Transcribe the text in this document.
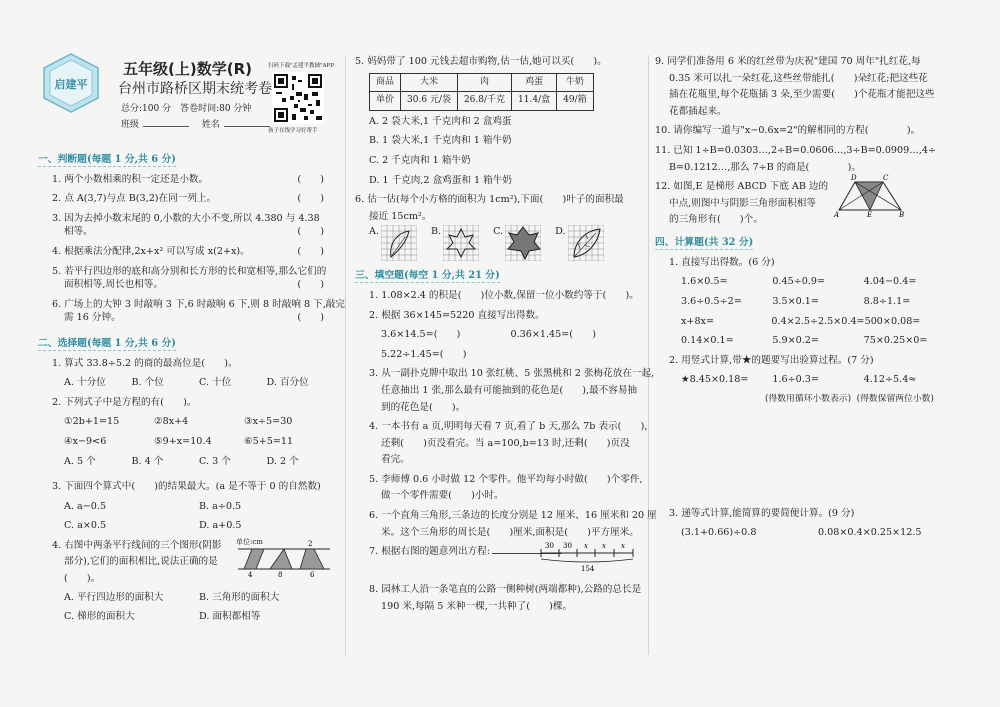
启建平
五年级(上)数学(R)
台州市路桥区期末统考卷
总分:100 分　答卷时间:80 分钟
班级	姓名
扫码下载"孟建平教辅"APP
孩子在线学习好帮手
一、判断题(每题 1 分,共 6 分)
1. 两个小数相乘的积一定还是小数。	(　　)
2. 点 A(3,7)与点 B(3,2)在同一列上。	(　　)
3. 因为去掉小数末尾的 0,小数的大小不变,所以 4.380 与 4.38
相等。	(　　)
4. 根据乘法分配律,2x+x² 可以写成 x(2+x)。	(　　)
5. 若平行四边形的底和高分别和长方形的长和宽相等,那么它们的
面积相等,周长也相等。	(　　)
6. 广场上的大钟 3 时敲响 3 下,6 时敲响 6 下,则 8 时敲响 8 下,敲完
需 16 分钟。	(　　)
二、选择题(每题 1 分,共 6 分)
1. 算式 33.8÷5.2 的商的最高位是(　　)。
A. 十分位	B. 个位	C. 十位	D. 百分位
2. 下列式子中是方程的有(　　)。
①2b+1=15	②8x+4	③x÷5=30
④x−9<6	⑤9+x=10.4	⑥5+5=11
A. 5 个	B. 4 个	C. 3 个	D. 2 个
3. 下面四个算式中(　　)的结果最大。(a 是不等于 0 的自然数)
A. a−0.5	B. a÷0.5
C. a×0.5	D. a+0.5
4. 右图中两条平行线间的三个图形(阴影
部分),它们的面积相比,说法正确的是
(　　)。
单位:cm
4	8	6
2
A. 平行四边形的面积大	B. 三角形的面积大
C. 梯形的面积大	D. 面积都相等
5. 妈妈带了 100 元钱去超市购物,估一估,她可以买(　　)。
商品	大米	肉	鸡蛋	牛奶
单价	30.6 元/袋	26.8/千克	11.4/盒	49/箱
A. 2 袋大米,1 千克肉和 2 盒鸡蛋
B. 1 袋大米,1 千克肉和 1 箱牛奶
C. 2 千克肉和 1 箱牛奶
D. 1 千克肉,2 盒鸡蛋和 1 箱牛奶
6. 估一估(每个小方格的面积为 1cm²),下面(　　)叶子的面积最
接近 15cm²。
A.	B.	C.	D.
三、填空题(每空 1 分,共 21 分)
1. 1.08×2.4 的积是(　　)位小数,保留一位小数约等于(　　)。
2. 根据 36×145=5220 直接写出得数。
3.6×14.5=(　　)	0.36×1.45=(　　)
5.22÷1.45=(　　)
3. 从一副扑克牌中取出 10 张红桃、5 张黑桃和 2 张梅花放在一起,
任意抽出 1 张,那么最有可能抽到的花色是(　　),最不容易抽
到的花色是(　　)。
4. 一本书有 a 页,明明每天看 7 页,看了 b 天,那么 7b 表示(　　),
还剩(　　)页没看完。当 a=100,b=13 时,还剩(　　)页没
看完。
5. 李师傅 0.6 小时做 12 个零件。他平均每小时做(　　)个零件,
做一个零件需要(　　)小时。
6. 一个直角三角形,三条边的长度分别是 12 厘米、16 厘米和 20 厘
米。这个三角形的周长是(　　)厘米,面积是(　　)平方厘米。
7. 根据右图的题意列出方程:	30 30 x x x
154
8. 园林工人沿一条笔直的公路一侧种树(两端都种),公路的总长是
190 米,每隔 5 米种一棵,一共种了(　　)棵。
9. 同学们准备用 6 米的红丝带为庆祝"建国 70 周年"扎红花,每
0.35 米可以扎一朵红花,这些丝带能扎(　　)朵红花;把这些花
插在花瓶里,每个花瓶插 3 朵,至少需要(　　)个花瓶才能把这些
花都插起来。
10. 请你编写一道与"x−0.6x=2"的解相同的方程(　　　　)。
11. 已知 1÷B=0.0303…,2÷B=0.0606…,3÷B=0.0909…,4÷
B=0.1212…,那么 7÷B 的商是(　　　　)。
12. 如图,E 是梯形 ABCD 下底 AB 边的
中点,则图中与阴影三角形面积相等
的三角形有(　　)个。
D	C
A	E	B
四、计算题(共 32 分)
1. 直接写出得数。(6 分)
1.6×0.5=	0.45÷0.9=	4.04−0.4=
3.6÷0.5÷2=	3.5×0.1=	8.8÷1.1=
x+8x=	0.4×2.5÷2.5×0.4= 500×0.08=
0.14×0.1=	5.9×0.2=	75×0.25×0=
2. 用竖式计算,带★的题要写出验算过程。(7 分)
★8.45×0.18=	1.6÷0.3=	4.12÷5.4≈
(得数用循环小数表示) (得数保留两位小数)
3. 递等式计算,能简算的要简便计算。(9 分)
(3.1+0.66)÷0.8	0.08×0.4×0.25×12.5
